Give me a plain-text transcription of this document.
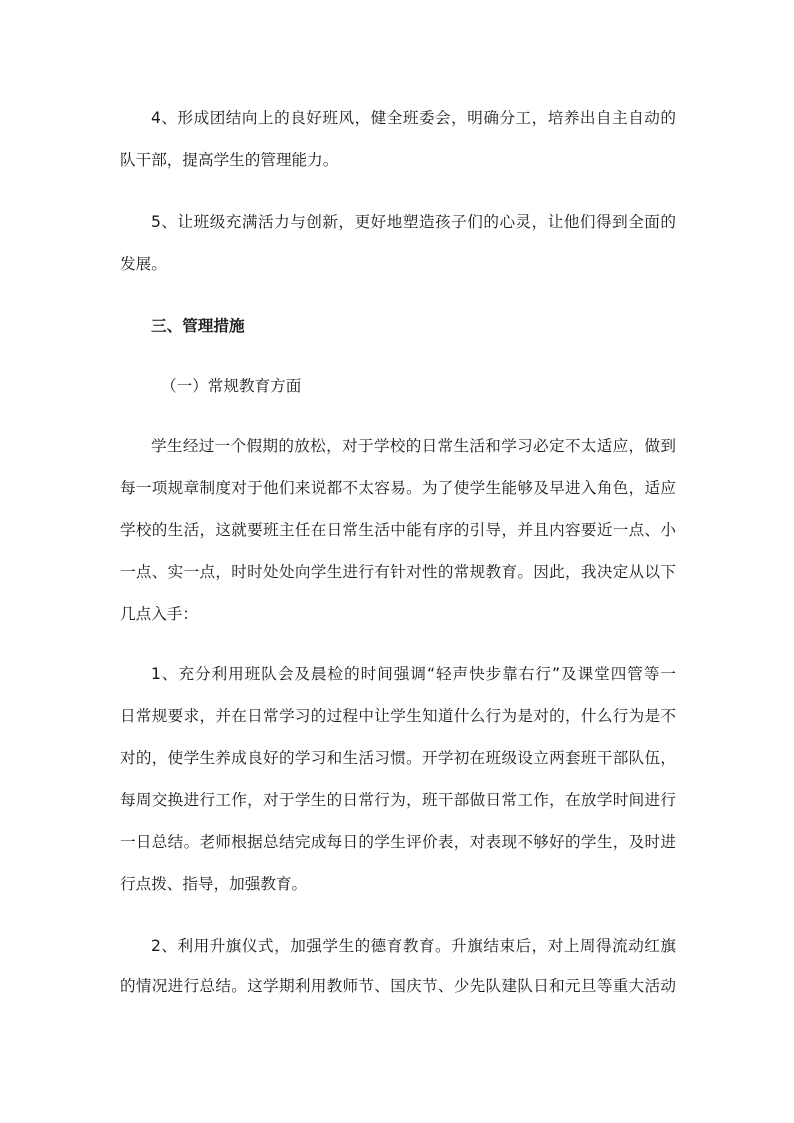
4、形成团结向上的良好班风，健全班委会，明确分工，培养出自主自动的

队干部，提高学生的管理能力。

5、让班级充满活力与创新，更好地塑造孩子们的心灵，让他们得到全面的

发展。

三、管理措施

（一）常规教育方面

学生经过一个假期的放松，对于学校的日常生活和学习必定不太适应，做到

每一项规章制度对于他们来说都不太容易。为了使学生能够及早进入角色，适应

学校的生活，这就要班主任在日常生活中能有序的引导，并且内容要近一点、小

一点、实一点，时时处处向学生进行有针对性的常规教育。因此，我决定从以下

几点入手：

1、充分利用班队会及晨检的时间强调“轻声快步靠右行”及课堂四管等一

日常规要求，并在日常学习的过程中让学生知道什么行为是对的，什么行为是不

对的，使学生养成良好的学习和生活习惯。开学初在班级设立两套班干部队伍，

每周交换进行工作，对于学生的日常行为，班干部做日常工作，在放学时间进行

一日总结。老师根据总结完成每日的学生评价表，对表现不够好的学生，及时进

行点拨、指导，加强教育。

2、利用升旗仪式，加强学生的德育教育。升旗结束后，对上周得流动红旗

的情况进行总结。这学期利用教师节、国庆节、少先队建队日和元旦等重大活动
